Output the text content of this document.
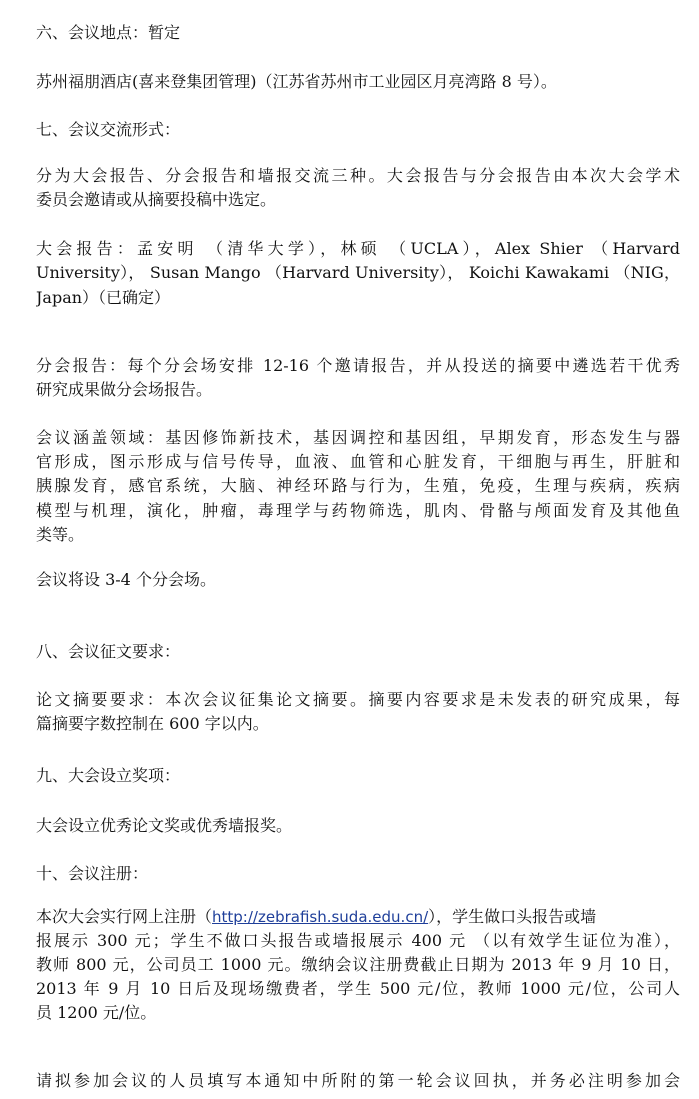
六、会议地点：暂定
苏州福朋酒店(喜来登集团管理)（江苏省苏州市工业园区月亮湾路 8 号）。
七、会议交流形式：
分为大会报告、分会报告和墙报交流三种。大会报告与分会报告由本次大会学术
委员会邀请或从摘要投稿中选定。
大会报告：孟安明 （清华大学），林硕 （UCLA），Alex Shier （Harvard
University）， Susan Mango （Harvard University）， Koichi Kawakami （NIG，
Japan）（已确定）
分会报告：每个分会场安排 12-16 个邀请报告，并从投送的摘要中遴选若干优秀
研究成果做分会场报告。
会议涵盖领域：基因修饰新技术，基因调控和基因组，早期发育，形态发生与器
官形成，图示形成与信号传导，血液、血管和心脏发育，干细胞与再生，肝脏和
胰腺发育，感官系统，大脑、神经环路与行为，生殖，免疫，生理与疾病，疾病
模型与机理，演化，肿瘤，毒理学与药物筛选，肌肉、骨骼与颅面发育及其他鱼
类等。
会议将设 3-4 个分会场。
八、会议征文要求：
论文摘要要求：本次会议征集论文摘要。摘要内容要求是未发表的研究成果，每
篇摘要字数控制在 600 字以内。
九、大会设立奖项：
大会设立优秀论文奖或优秀墙报奖。
十、会议注册：
本次大会实行网上注册（http://zebrafish.suda.edu.cn/），学生做口头报告或墙
报展示 300 元；学生不做口头报告或墙报展示 400 元 （以有效学生证位为准），
教师 800 元，公司员工 1000 元。缴纳会议注册费截止日期为 2013 年 9 月 10 日，
2013 年 9 月 10 日后及现场缴费者，学生 500 元/位，教师 1000 元/位，公司人
员 1200 元/位。
请拟参加会议的人员填写本通知中所附的第一轮会议回执，并务必注明参加会
